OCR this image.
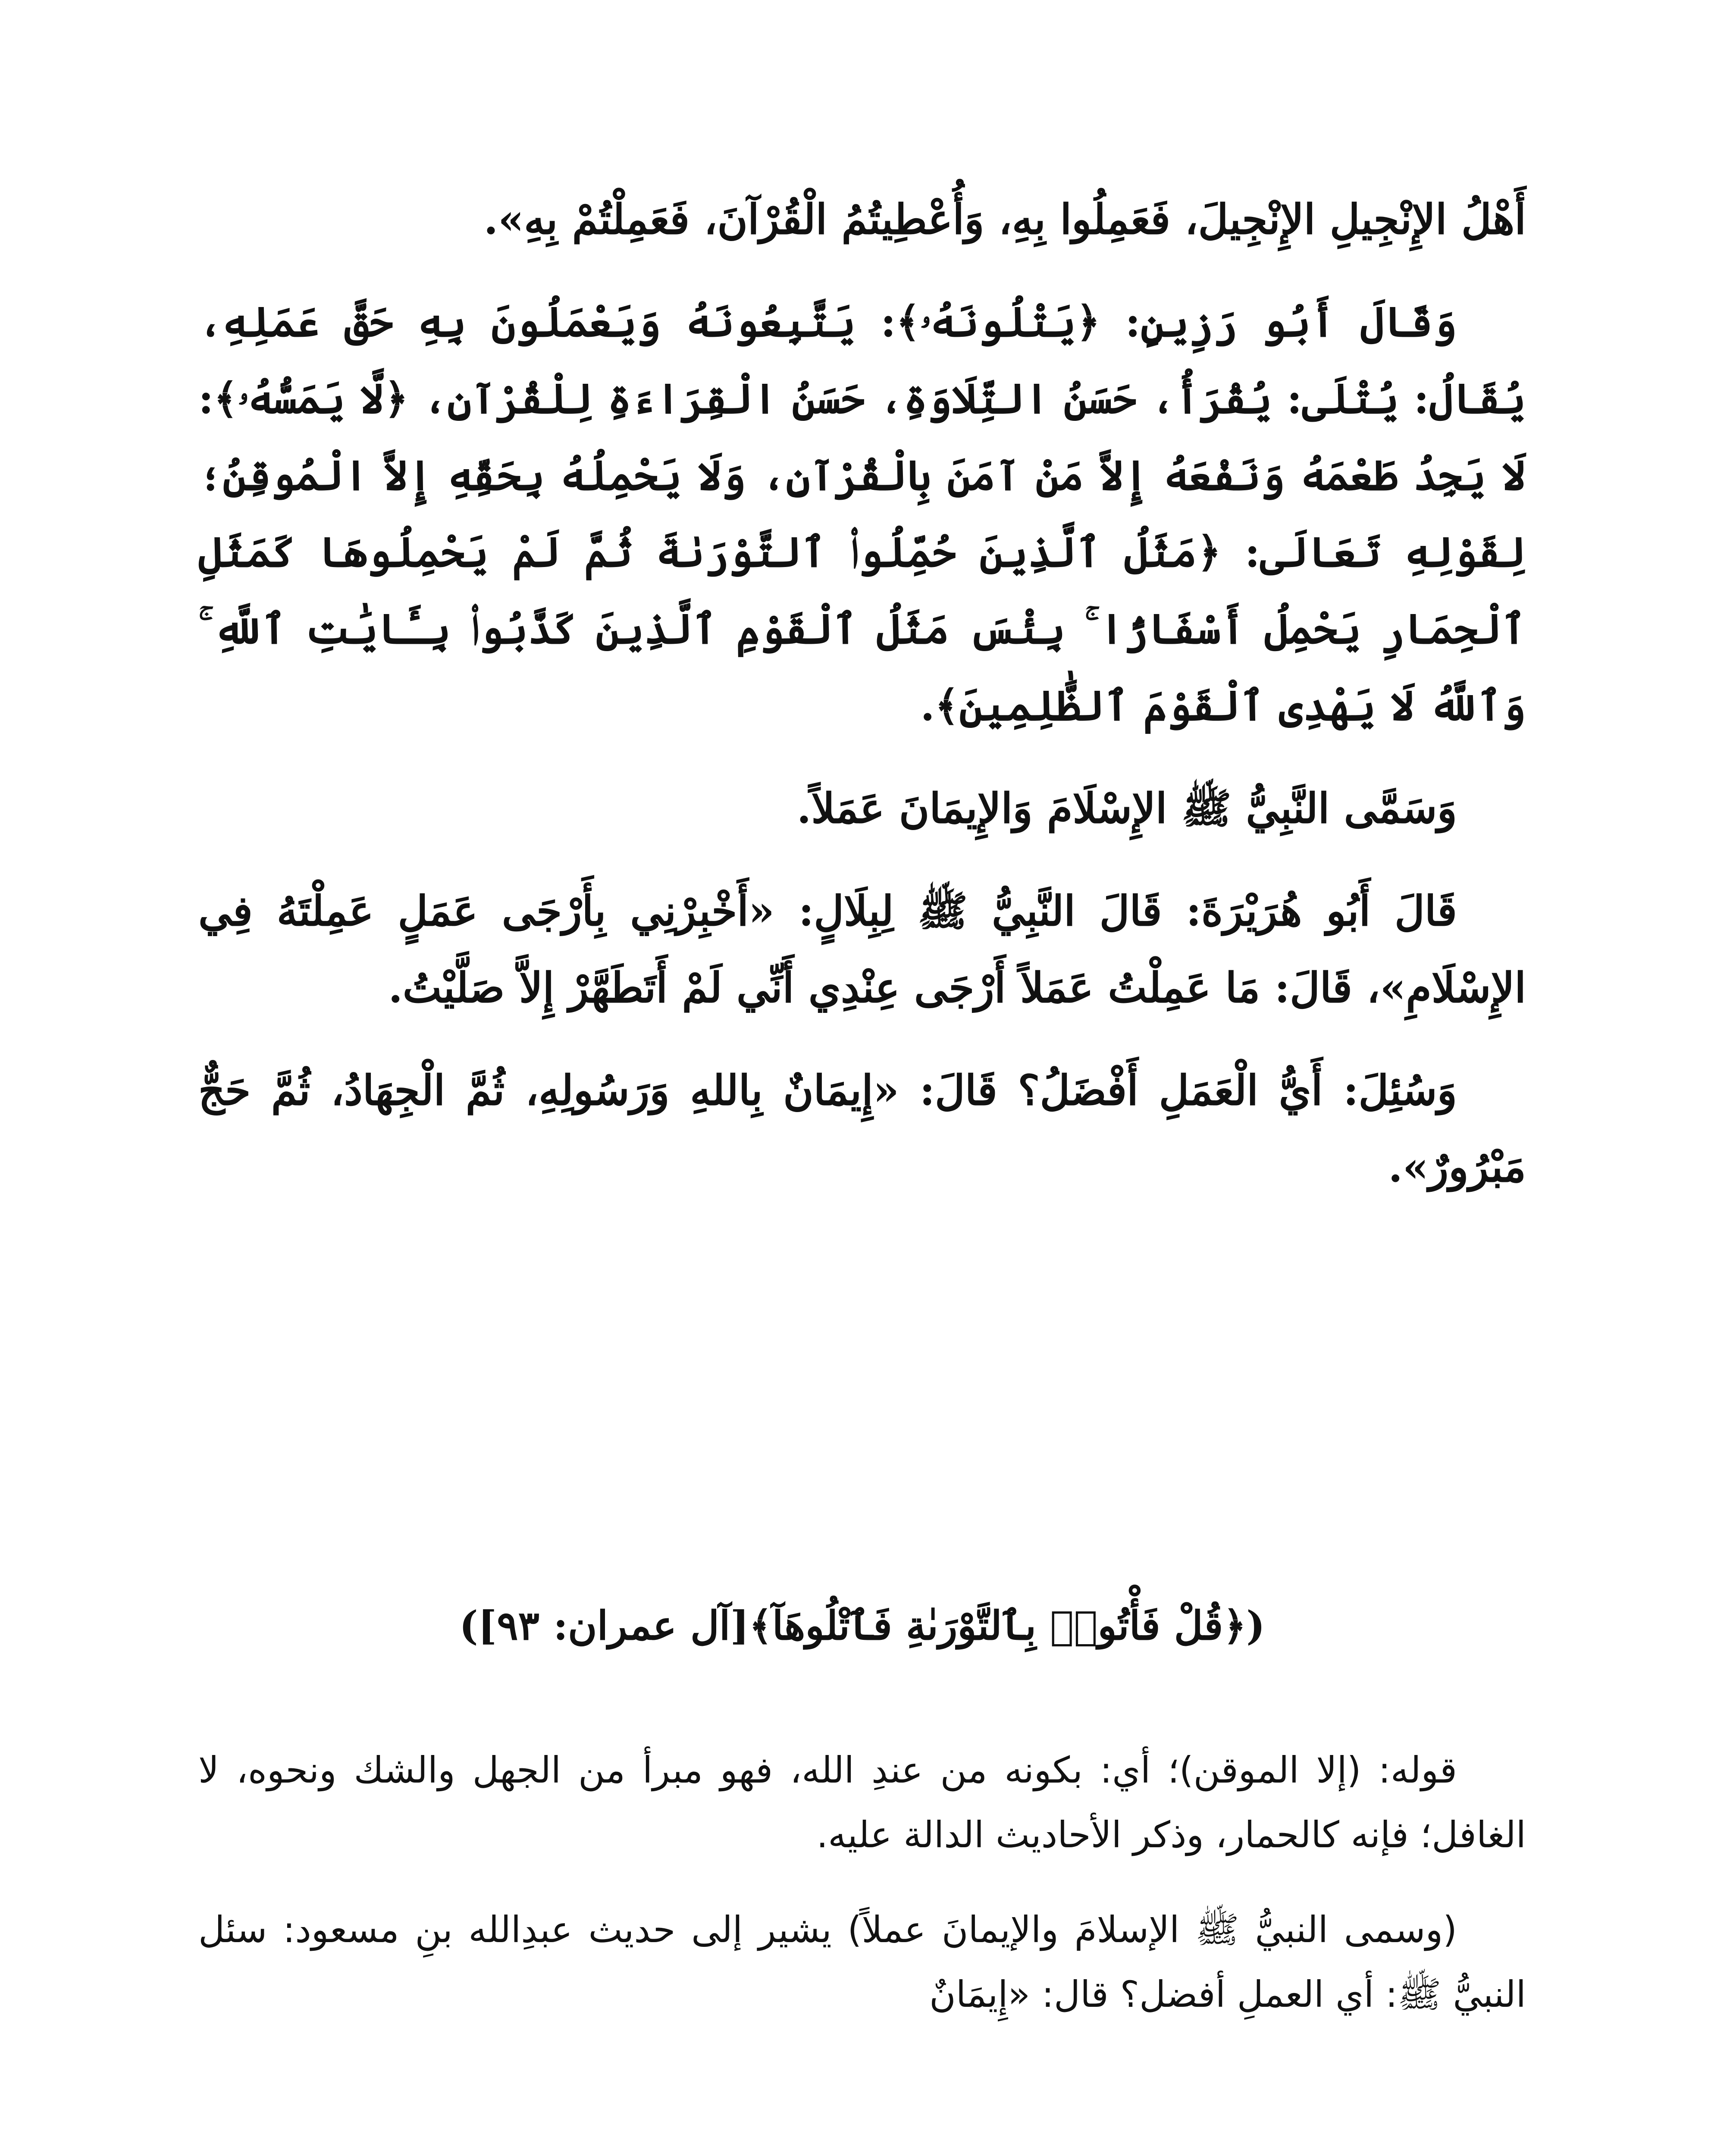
أَهْلُ الإِنْجِيلِ الإِنْجِيلَ، فَعَمِلُوا بِهِ، وَأُعْطِيتُمُ الْقُرْآنَ، فَعَمِلْتُمْ بِهِ».

وَقَالَ أَبُو رَزِينٍ: ﴿يَتْلُونَهُۥ﴾: يَتَّبِعُونَهُ وَيَعْمَلُونَ بِهِ حَقَّ عَمَلِهِ، يُقَالُ: يُتْلَى: يُقْرَأُ، حَسَنُ التِّلَاوَةِ، حَسَنُ الْقِرَاءَةِ لِلْقُرْآنِ، ﴿لَّا يَمَسُّهُۥ﴾: لَا يَجِدُ طَعْمَهُ وَنَفْعَهُ إِلاَّ مَنْ آمَنَ بِالْقُرْآنِ، وَلَا يَحْمِلُهُ بِحَقِّهِ إِلاَّ الْمُوقِنُ؛ لِقَوْلِهِ تَعَالَى: ﴿مَثَلُ ٱلَّذِينَ حُمِّلُوا۟ ٱلتَّوْرَىٰةَ ثُمَّ لَمْ يَحْمِلُوهَا كَمَثَلِ ٱلْحِمَارِ يَحْمِلُ أَسْفَارًۢا ۚ بِئْسَ مَثَلُ ٱلْقَوْمِ ٱلَّذِينَ كَذَّبُوا۟ بِـَٔايَٰتِ ٱللَّهِ ۚ وَٱللَّهُ لَا يَهْدِى ٱلْقَوْمَ ٱلظَّٰلِمِينَ﴾.

وَسَمَّى النَّبِيُّ ﷺ الإِسْلَامَ وَالإِيمَانَ عَمَلاً.

قَالَ أَبُو هُرَيْرَةَ: قَالَ النَّبِيُّ ﷺ لِبِلَالٍ: «أَخْبِرْنِي بِأَرْجَى عَمَلٍ عَمِلْتَهُ فِي الإِسْلَامِ»، قَالَ: مَا عَمِلْتُ عَمَلاً أَرْجَى عِنْدِي أَنِّي لَمْ أَتَطَهَّرْ إِلاَّ صَلَّيْتُ.

وَسُئِلَ: أَيُّ الْعَمَلِ أَفْضَلُ؟ قَالَ: «إِيمَانٌ بِاللهِ وَرَسُولِهِ، ثُمَّ الْجِهَادُ، ثُمَّ حَجٌّ مَبْرُورٌ».

(﴿قُلْ فَأْتُوا۟ بِٱلتَّوْرَىٰةِ فَٱتْلُوهَآ﴾[آل عمران: ٩٣])

قوله: (إلا الموقن)؛ أي: بكونه من عندِ الله، فهو مبرأ من الجهل والشك ونحوه، لا الغافل؛ فإنه كالحمار، وذكر الأحاديث الدالة عليه.

(وسمى النبيُّ ﷺ الإسلامَ والإيمانَ عملاً) يشير إلى حديث عبدِالله بنِ مسعود: سئل النبيُّ ﷺ: أي العملِ أفضل؟ قال: «إِيمَانٌ
